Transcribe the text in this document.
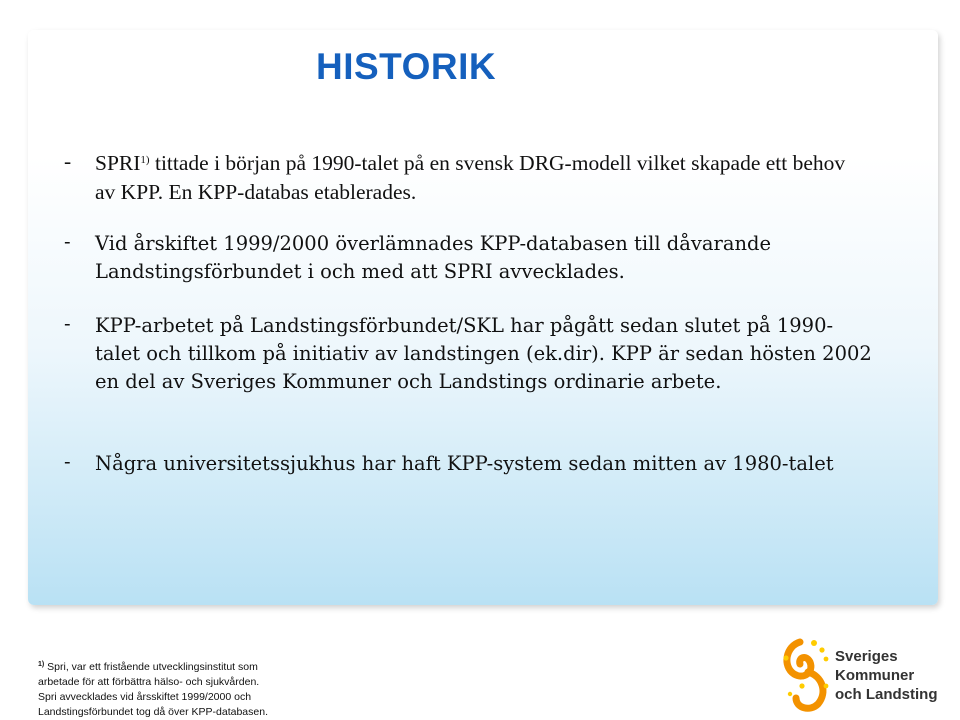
HISTORIK
-	SPRI$^{1)}$ tittade i början på 1990-talet på en svensk DRG-modell vilket skapade ett behov av KPP. En KPP-databas etablerades.
-	Vid årskiftet 1999/2000 överlämnades KPP-databasen till dåvarande Landstingsförbundet i och med att SPRI avvecklades.
-	KPP-arbetet på Landstingsförbundet/SKL har pågått sedan slutet på 1990-talet och tillkom på initiativ av landstingen (ek.dir). KPP är sedan hösten 2002 en del av Sveriges Kommuner och Landstings ordinarie arbete.
-	Några universitetssjukhus har haft KPP-system sedan mitten av 1980-talet
$^{1)}$ Spri, var ett fristående utvecklingsinstitut som
arbetade för att förbättra hälso- och sjukvården.
Spri avvecklades vid årsskiftet 1999/2000 och
Landstingsförbundet tog då över KPP-databasen.
Sveriges
Kommuner
och Landsting
